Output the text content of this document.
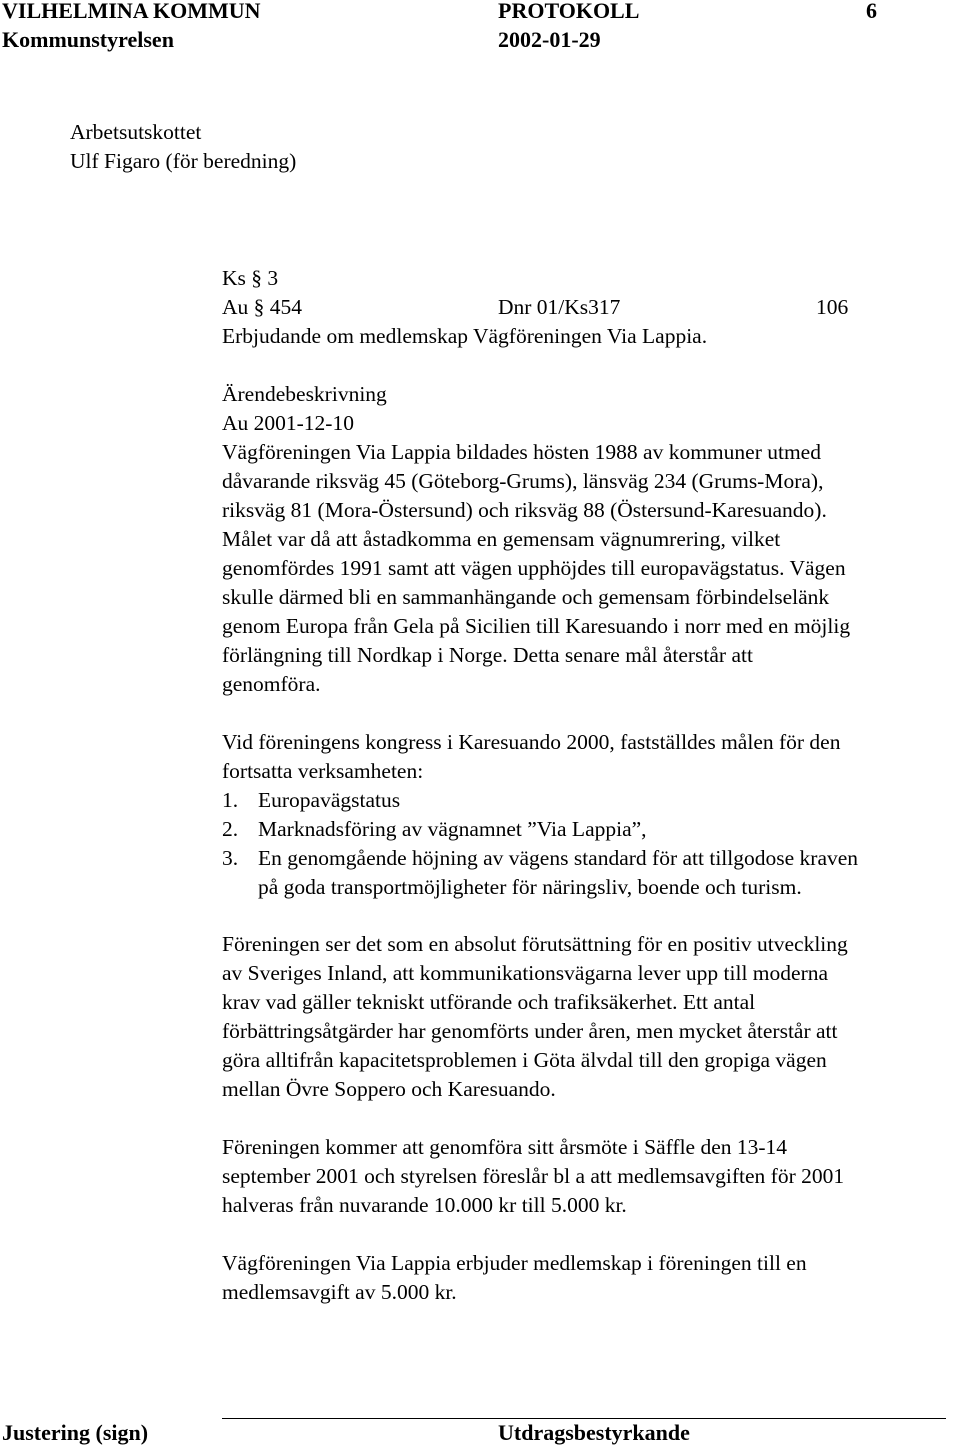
VILHELMINA KOMMUN	PROTOKOLL	6
Kommunstyrelsen	2002-01-29
Arbetsutskottet
Ulf Figaro (för beredning)
Ks § 3
Au § 454	Dnr 01/Ks317	106
Erbjudande om medlemskap Vägföreningen Via Lappia.
Ärendebeskrivning
Au 2001-12-10
Vägföreningen Via Lappia bildades hösten 1988 av kommuner utmed
dåvarande riksväg 45 (Göteborg-Grums), länsväg 234 (Grums-Mora),
riksväg 81 (Mora-Östersund) och riksväg 88 (Östersund-Karesuando).
Målet var då att åstadkomma en gemensam vägnumrering, vilket
genomfördes 1991 samt att vägen upphöjdes till europavägstatus. Vägen
skulle därmed bli en sammanhängande och gemensam förbindelselänk
genom Europa från Gela på Sicilien till Karesuando i norr med en möjlig
förlängning till Nordkap i Norge. Detta senare mål återstår att
genomföra.
Vid föreningens kongress i Karesuando 2000, fastställdes målen för den
fortsatta verksamheten:
1. Europavägstatus
2. Marknadsföring av vägnamnet ”Via Lappia”,
3. En genomgående höjning av vägens standard för att tillgodose kraven
på goda transportmöjligheter för näringsliv, boende och turism.
Föreningen ser det som en absolut förutsättning för en positiv utveckling
av Sveriges Inland, att kommunikationsvägarna lever upp till moderna
krav vad gäller tekniskt utförande och trafiksäkerhet. Ett antal
förbättringsåtgärder har genomförts under åren, men mycket återstår att
göra alltifrån kapacitetsproblemen i Göta älvdal till den gropiga vägen
mellan Övre Soppero och Karesuando.
Föreningen kommer att genomföra sitt årsmöte i Säffle den 13-14
september 2001 och styrelsen föreslår bl a att medlemsavgiften för 2001
halveras från nuvarande 10.000 kr till 5.000 kr.
Vägföreningen Via Lappia erbjuder medlemskap i föreningen till en
medlemsavgift av 5.000 kr.
Justering (sign)	Utdragsbestyrkande
